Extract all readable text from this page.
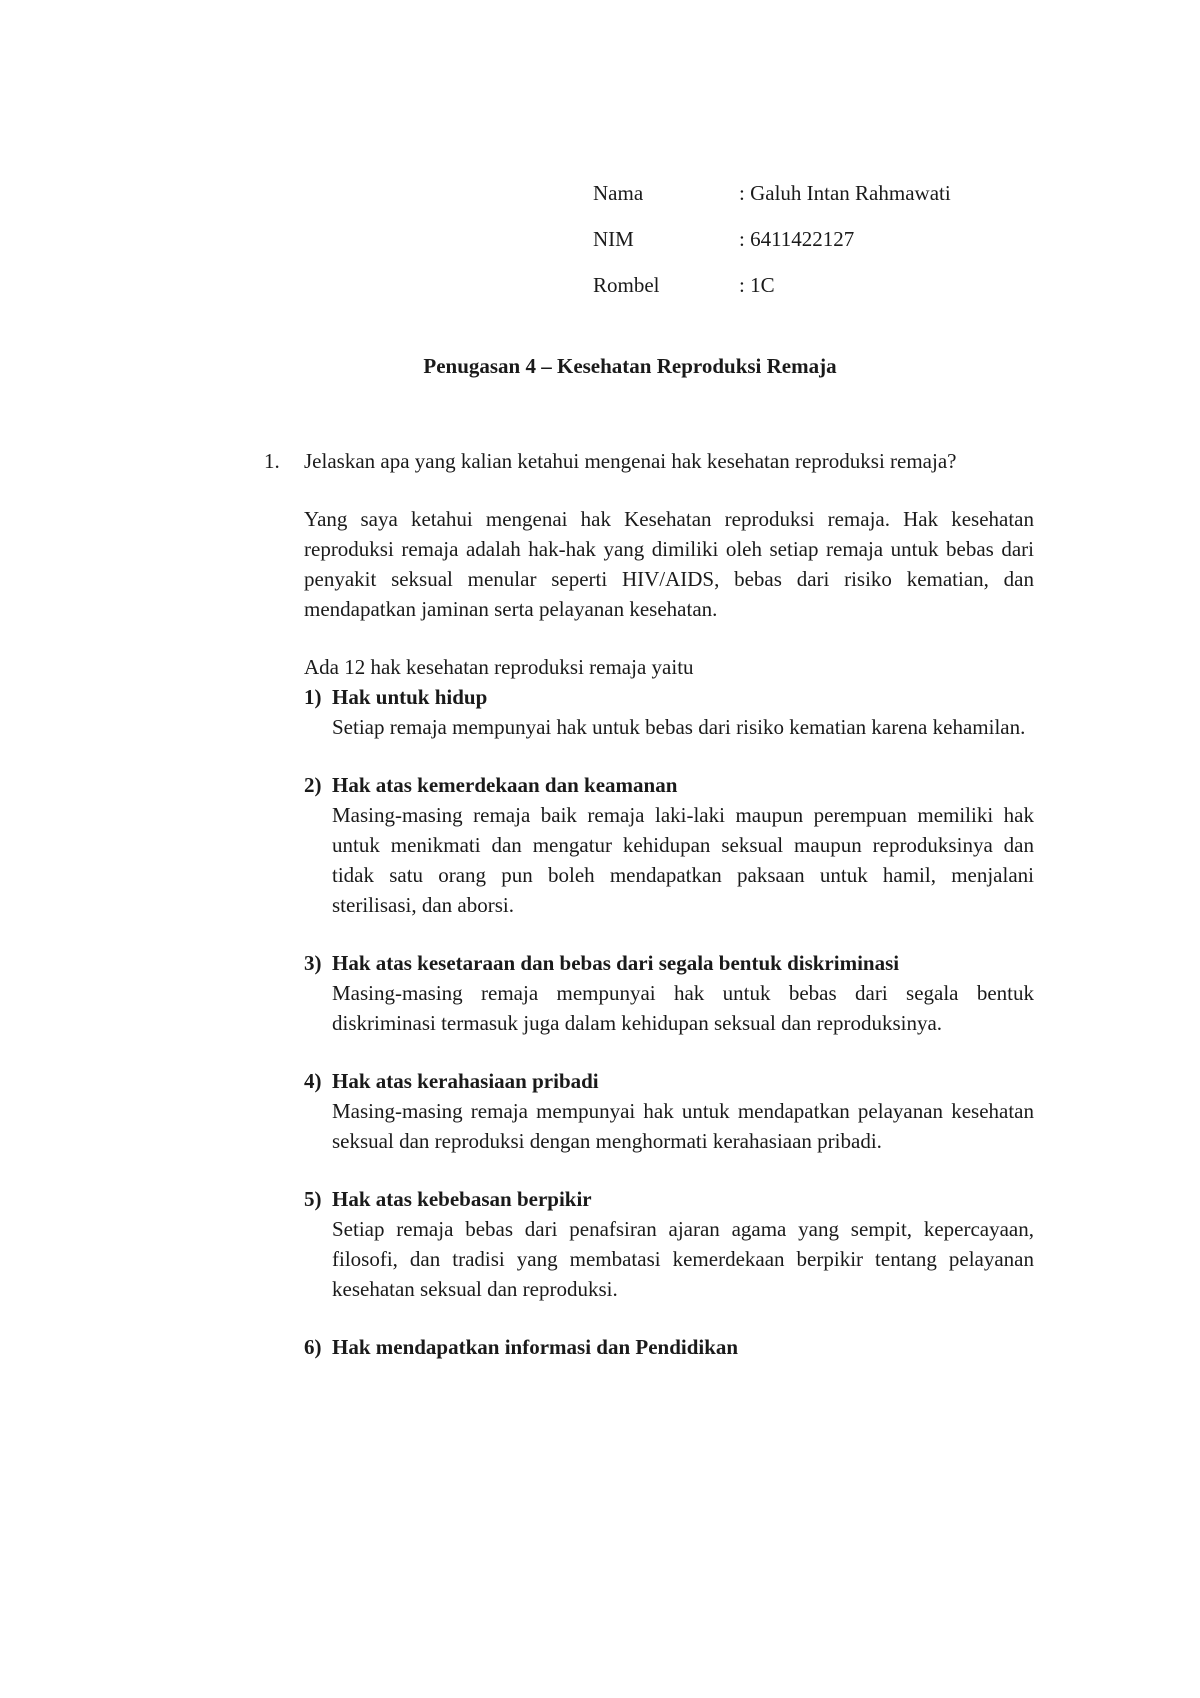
Nama	: Galuh Intan Rahmawati
NIM	: 6411422127
Rombel	: 1C
Penugasan 4 – Kesehatan Reproduksi Remaja
1.	Jelaskan apa yang kalian ketahui mengenai hak kesehatan reproduksi remaja?
Yang saya ketahui mengenai hak Kesehatan reproduksi remaja. Hak kesehatan reproduksi remaja adalah hak-hak yang dimiliki oleh setiap remaja untuk bebas dari penyakit seksual menular seperti HIV/AIDS, bebas dari risiko kematian, dan mendapatkan jaminan serta pelayanan kesehatan.
Ada 12 hak kesehatan reproduksi remaja yaitu
1) Hak untuk hidup
Setiap remaja mempunyai hak untuk bebas dari risiko kematian karena kehamilan.
2) Hak atas kemerdekaan dan keamanan
Masing-masing remaja baik remaja laki-laki maupun perempuan memiliki hak untuk menikmati dan mengatur kehidupan seksual maupun reproduksinya dan tidak satu orang pun boleh mendapatkan paksaan untuk hamil, menjalani sterilisasi, dan aborsi.
3) Hak atas kesetaraan dan bebas dari segala bentuk diskriminasi
Masing-masing remaja mempunyai hak untuk bebas dari segala bentuk diskriminasi termasuk juga dalam kehidupan seksual dan reproduksinya.
4) Hak atas kerahasiaan pribadi
Masing-masing remaja mempunyai hak untuk mendapatkan pelayanan kesehatan seksual dan reproduksi dengan menghormati kerahasiaan pribadi.
5) Hak atas kebebasan berpikir
Setiap remaja bebas dari penafsiran ajaran agama yang sempit, kepercayaan, filosofi, dan tradisi yang membatasi kemerdekaan berpikir tentang pelayanan kesehatan seksual dan reproduksi.
6) Hak mendapatkan informasi dan Pendidikan
